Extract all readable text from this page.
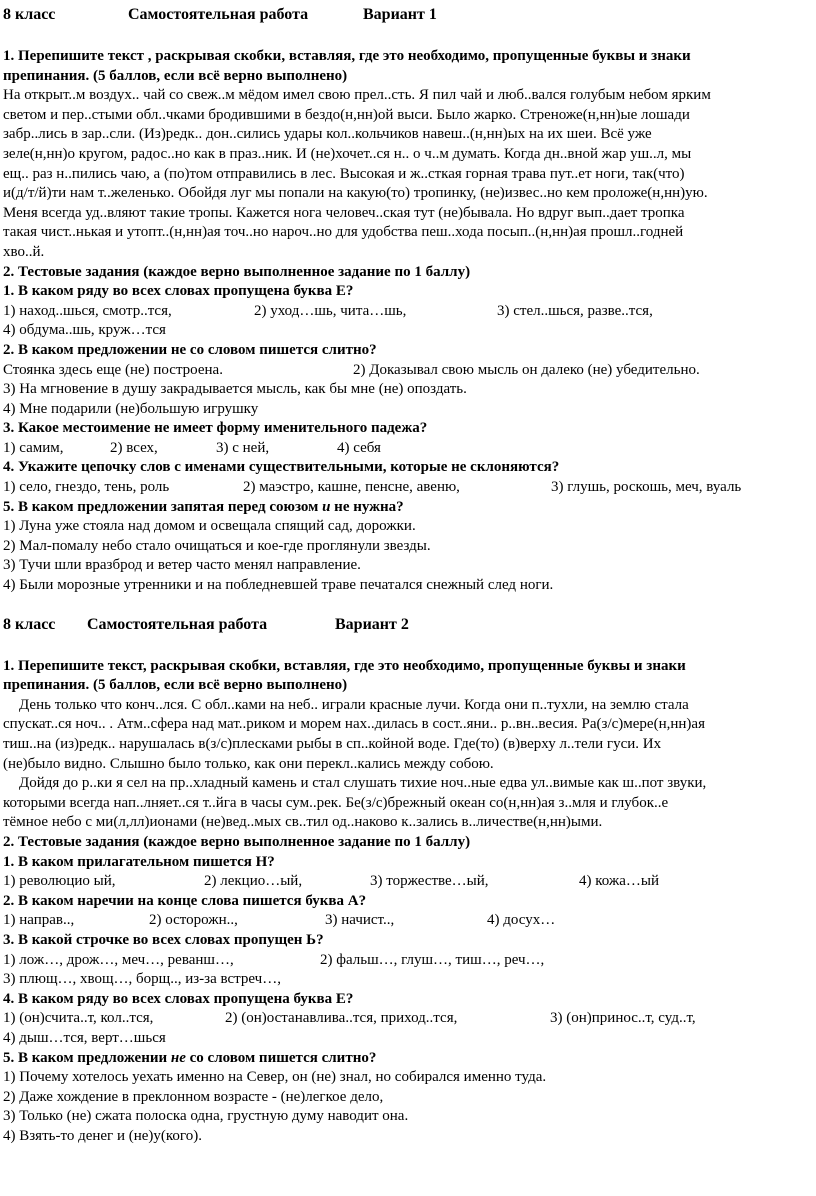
8 класс	Самостоятельная работа	Вариант 1

1. Перепишите текст , раскрывая скобки, вставляя, где это необходимо, пропущенные буквы и знаки

препинания. (5 баллов, если всё верно выполнено)

На открыт..м воздух.. чай со свеж..м мёдом имел свою прел..сть. Я пил чай и люб..вался голубым небом ярким

светом и пер..стыми обл..чками бродившими в бездо(н,нн)ой выси. Было жарко. Стреноже(н,нн)ые лошади

забр..лись в зар..сли. (Из)редк.. дон..сились удары кол..кольчиков навеш..(н,нн)ых на их шеи. Всё уже

зеле(н,нн)о кругом, радос..но как в праз..ник. И (не)хочет..ся н.. о ч..м думать. Когда дн..вной жар уш..л, мы

ещ.. раз н..пились чаю, а (по)том отправились в лес. Высокая и ж..сткая горная трава пут..ет ноги, так(что)

и(д/т/й)ти нам т..желенько. Обойдя луг мы попали на какую(то) тропинку, (не)извес..но кем проложе(н,нн)ую.

Меня всегда уд..вляют такие тропы. Кажется нога человеч..ская тут (не)бывала. Но вдруг вып..дает тропка

такая чист..нькая и утопт..(н,нн)ая точ..но нароч..но для удобства пеш..хода посып..(н,нн)ая прошл..годней

хво..й.

2. Тестовые задания (каждое верно выполненное задание по 1 баллу)

1. В каком ряду во всех словах пропущена буква Е?

1) наход..шься, смотр..тся,	2) уход…шь, чита…шь,	3) стел..шься, разве..тся,

4) обдума..шь, круж…тся

2. В каком предложении не со словом пишется слитно?

Стоянка здесь еще (не) построена.	2) Доказывал свою мысль он далеко (не) убедительно.

3) На мгновение в душу закрадывается мысль, как бы мне (не) опоздать.

4) Мне подарили (не)большую игрушку

3. Какое местоимение не имеет форму именительного падежа?

1) самим,	2) всех,	3) с ней,	4) себя

4. Укажите цепочку слов с именами существительными, которые не склоняются?

1) село, гнездо, тень, роль	2) маэстро, кашне, пенсне, авеню,	3) глушь, роскошь, меч, вуаль

5. В каком предложении запятая перед союзом и не нужна?

1) Луна уже стояла над домом и освещала спящий сад, дорожки.

2) Мал-помалу небо стало очищаться и кое-где проглянули звезды.

3) Тучи шли вразброд и ветер часто менял направление.

4) Были морозные утренники и на побледневшей траве печатался снежный след ноги.

8 класс Самостоятельная работа	Вариант 2

1. Перепишите текст, раскрывая скобки, вставляя, где это необходимо, пропущенные буквы и знаки

препинания. (5 баллов, если всё верно выполнено)

День только что конч..лся. С обл..ками на неб.. играли красные лучи. Когда они п..тухли, на землю стала

спускат..ся ноч.. . Атм..сфера над мат..риком и морем нах..дилась в сост..яни.. р..вн..весия. Ра(з/с)мере(н,нн)ая

тиш..на (из)редк.. нарушалась в(з/с)плесками рыбы в сп..койной воде. Где(то) (в)верху л..тели гуси. Их

(не)было видно. Слышно было только, как они перекл..кались между собою.

Дойдя до р..ки я сел на пр..хладный камень и стал слушать тихие ноч..ные едва ул..вимые как ш..пот звуки,

которыми всегда нап..лняет..ся т..йга в часы сум..рек. Бе(з/с)брежный океан со(н,нн)ая з..мля и глубок..е

тёмное небо с ми(л,лл)ионами (не)вед..мых св..тил од..наково к..зались в..личестве(н,нн)ыми.

2. Тестовые задания (каждое верно выполненное задание по 1 баллу)

1. В каком прилагательном пишется Н?

1) революцио ый,	2) лекцио…ый,	3) торжестве…ый,	4) кожа…ый

2. В каком наречии на конце слова пишется буква А?

1) направ..,	2) осторожн..,	3) начист..,	4) досух…

3. В какой строчке во всех словах пропущен Ь?

1) лож…, дрож…, меч…, реванш…,	2) фальш…, глуш…, тиш…, реч…,

3) плющ…, хвощ…, борщ.., из-за встреч…,

4. В каком ряду во всех словах пропущена буква Е?

1) (он)счита..т, кол..тся,	2) (он)останавлива..тся, приход..тся,	3) (он)принос..т, суд..т,

4) дыш…тся, верт…шься

5. В каком предложении не со словом пишется слитно?

1) Почему хотелось уехать именно на Север, он (не) знал, но собирался именно туда.

2) Даже хождение в преклонном возрасте - (не)легкое дело,

3) Только (не) сжата полоска одна, грустную думу наводит она.

4) Взять-то денег и (не)у(кого).
